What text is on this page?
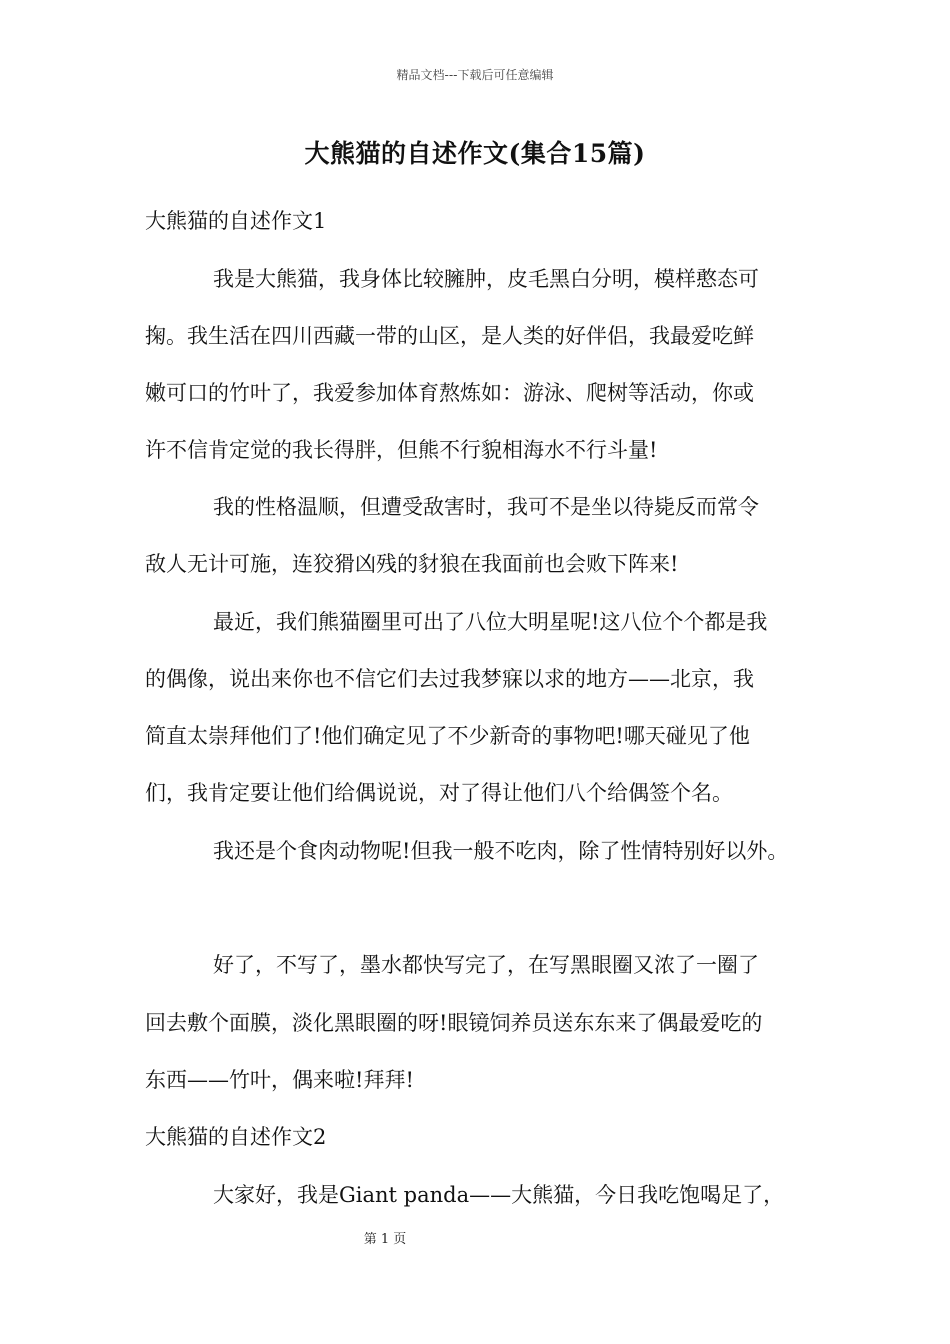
精品文档---下载后可任意编辑
大熊猫的自述作文(集合15篇)
大熊猫的自述作文1
我是大熊猫，我身体比较臃肿，皮毛黑白分明，模样憨态可
掬。我生活在四川西藏一带的山区，是人类的好伴侣，我最爱吃鲜
嫩可口的竹叶了，我爱参加体育熬炼如：游泳、爬树等活动，你或
许不信肯定觉的我长得胖，但熊不行貌相海水不行斗量!
我的性格温顺，但遭受敌害时，我可不是坐以待毙反而常令
敌人无计可施，连狡猾凶残的豺狼在我面前也会败下阵来!
最近，我们熊猫圈里可出了八位大明星呢!这八位个个都是我
的偶像，说出来你也不信它们去过我梦寐以求的地方——北京，我
简直太崇拜他们了!他们确定见了不少新奇的事物吧!哪天碰见了他
们，我肯定要让他们给偶说说，对了得让他们八个给偶签个名。
我还是个食肉动物呢!但我一般不吃肉，除了性情特别好以外。
好了，不写了，墨水都快写完了，在写黑眼圈又浓了一圈了
回去敷个面膜，淡化黑眼圈的呀!眼镜饲养员送东东来了偶最爱吃的
东西——竹叶，偶来啦!拜拜!
大熊猫的自述作文2
大家好，我是Giant panda——大熊猫，今日我吃饱喝足了，
第 1 页
